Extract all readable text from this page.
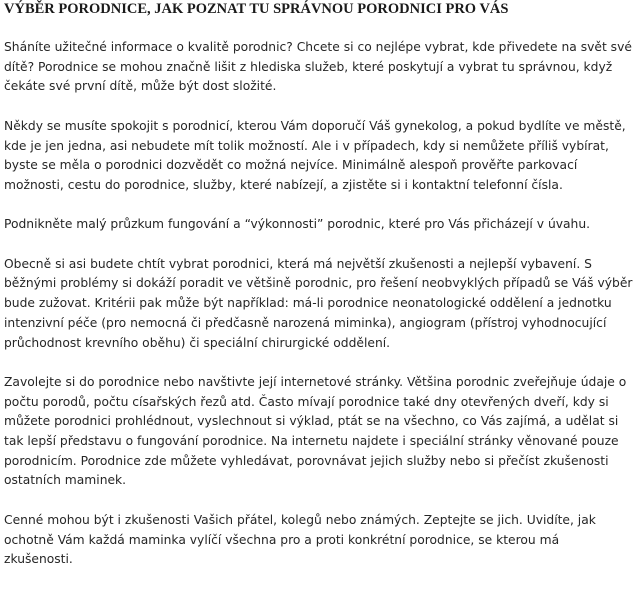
VÝBĚR PORODNICE, JAK POZNAT TU SPRÁVNOU PORODNICI PRO VÁS

Sháníte užitečné informace o kvalitě porodnic? Chcete si co nejlépe vybrat, kde přivedete na svět své
dítě? Porodnice se mohou značně lišit z hlediska služeb, které poskytují a vybrat tu správnou, když
čekáte své první dítě, může být dost složité.

Někdy se musíte spokojit s porodnicí, kterou Vám doporučí Váš gynekolog, a pokud bydlíte ve městě,
kde je jen jedna, asi nebudete mít tolik možností. Ale i v případech, kdy si nemůžete příliš vybírat,
byste se měla o porodnici dozvědět co možná nejvíce. Minimálně alespoň prověřte parkovací
možnosti, cestu do porodnice, služby, které nabízejí, a zjistěte si i kontaktní telefonní čísla.

Podnikněte malý průzkum fungování a “výkonnosti” porodnic, které pro Vás přicházejí v úvahu.

Obecně si asi budete chtít vybrat porodnici, která má největší zkušenosti a nejlepší vybavení. S
běžnými problémy si dokáží poradit ve většině porodnic, pro řešení neobvyklých případů se Váš výběr
bude zužovat. Kritérii pak může být například: má-li porodnice neonatologické oddělení a jednotku
intenzivní péče (pro nemocná či předčasně narozená miminka), angiogram (přístroj vyhodnocující
průchodnost krevního oběhu) či speciální chirurgické oddělení.

Zavolejte si do porodnice nebo navštivte její internetové stránky. Většina porodnic zveřejňuje údaje o
počtu porodů, počtu císařských řezů atd. Často mívají porodnice také dny otevřených dveří, kdy si
můžete porodnici prohlédnout, vyslechnout si výklad, ptát se na všechno, co Vás zajímá, a udělat si
tak lepší představu o fungování porodnice. Na internetu najdete i speciální stránky věnované pouze
porodnicím. Porodnice zde můžete vyhledávat, porovnávat jejich služby nebo si přečíst zkušenosti
ostatních maminek.

Cenné mohou být i zkušenosti Vašich přátel, kolegů nebo známých. Zeptejte se jich. Uvidíte, jak
ochotně Vám každá maminka vylíčí všechna pro a proti konkrétní porodnice, se kterou má
zkušenosti.
